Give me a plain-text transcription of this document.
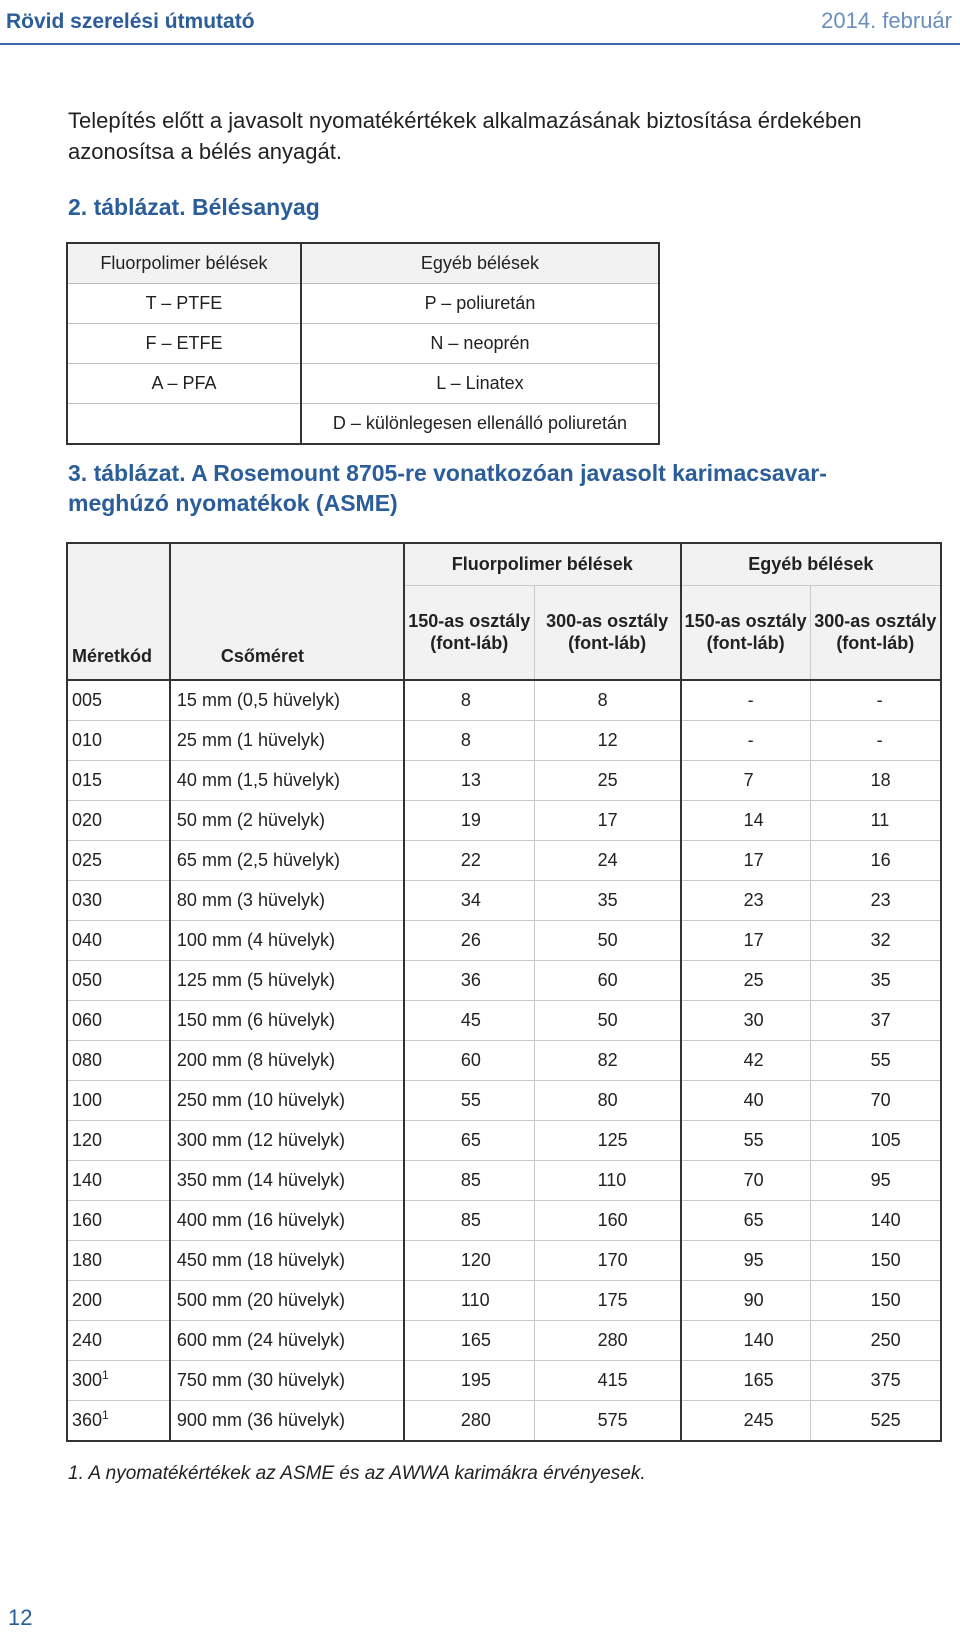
Rövid szerelési útmutató	2014. február
Telepítés előtt a javasolt nyomatékértékek alkalmazásának biztosítása érdekében azonosítsa a bélés anyagát.
2. táblázat. Bélésanyag
Fluorpolimer bélések	Egyéb bélések
T – PTFE	P – poliuretán
F – ETFE	N – neoprén
A – PFA	L – Linatex
	D – különlegesen ellenálló poliuretán
3. táblázat. A Rosemount 8705-re vonatkozóan javasolt karimacsavar-meghúzó nyomatékok (ASME)
Méretkód	Csőméret	Fluorpolimer bélések		Egyéb bélések	
		150-as osztály (font-láb)	300-as osztály (font-láb)	150-as osztály (font-láb)	300-as osztály (font-láb)
005	15 mm (0,5 hüvelyk)	8	8	-	-
010	25 mm (1 hüvelyk)	8	12	-	-
015	40 mm (1,5 hüvelyk)	13	25	7	18
020	50 mm (2 hüvelyk)	19	17	14	11
025	65 mm (2,5 hüvelyk)	22	24	17	16
030	80 mm (3 hüvelyk)	34	35	23	23
040	100 mm (4 hüvelyk)	26	50	17	32
050	125 mm (5 hüvelyk)	36	60	25	35
060	150 mm (6 hüvelyk)	45	50	30	37
080	200 mm (8 hüvelyk)	60	82	42	55
100	250 mm (10 hüvelyk)	55	80	40	70
120	300 mm (12 hüvelyk)	65	125	55	105
140	350 mm (14 hüvelyk)	85	110	70	95
160	400 mm (16 hüvelyk)	85	160	65	140
180	450 mm (18 hüvelyk)	120	170	95	150
200	500 mm (20 hüvelyk)	110	175	90	150
240	600 mm (24 hüvelyk)	165	280	140	250
$300^1$	750 mm (30 hüvelyk)	195	415	165	375
$360^1$	900 mm (36 hüvelyk)	280	575	245	525
1. A nyomatékértékek az ASME és az AWWA karimákra érvényesek.
12
